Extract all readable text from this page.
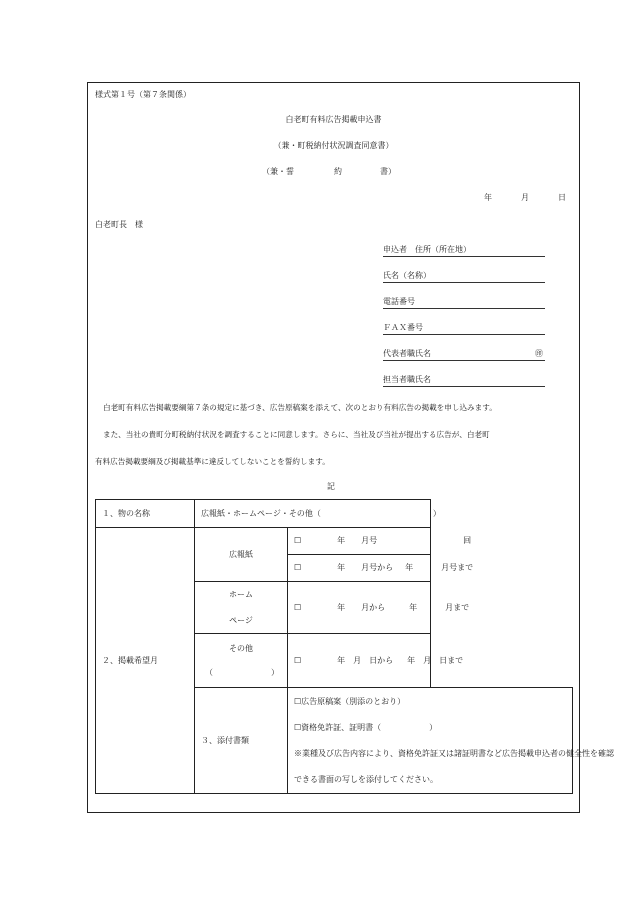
様式第１号（第７条関係）
白老町有料広告掲載申込書
（兼・町税納付状況調査同意書）
（兼・誓	約	書）
年	月	日
白老町長　様
申込者　住所（所在地）
氏名（名称）
電話番号
ＦＡＸ番号
代表者職氏名	㊞
担当者職氏名
白老町有料広告掲載要綱第７条の規定に基づき、広告原稿案を添えて、次のとおり有料広告の掲載を申し込みます。
また、当社の貴町分町税納付状況を調査することに同意します。さらに、当社及び当社が提出する広告が、白老町
有料広告掲載要綱及び掲載基準に違反してしないことを誓約します。
記
１、物の名称	広報紙・ホームページ・その他（　　　　　　　　　　　　　　）	
２、掲載希望月	広報紙	☐ 年 月号 回
		☐ 年 月号から 年 月号まで

	ホーム
ページ	☐ 年 月から 年 月まで

	その他
（ ）	☐ 年 月 日から 年 月 日まで
	３、添付書類	☐広告原稿案（別添のとおり）
☐資格免許証、証明書（　　　　　　）
※業種及び広告内容により、資格免許証又は諸証明書など広告掲載申込者の健全性を確認
できる書面の写しを添付してください。
